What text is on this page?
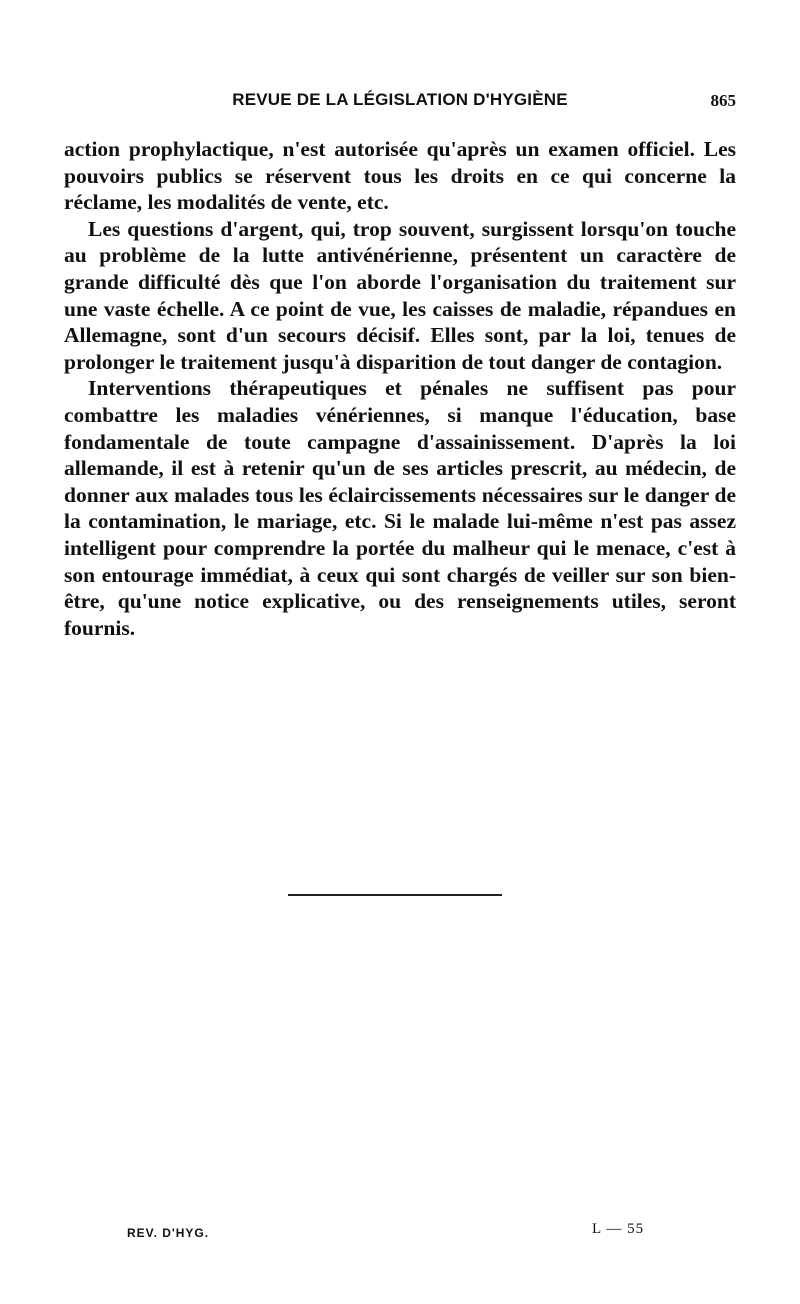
REVUE DE LA LÉGISLATION D'HYGIÈNE	865

action prophylactique, n'est autorisée qu'après un examen officiel. Les pouvoirs publics se réservent tous les droits en ce qui concerne la réclame, les modalités de vente, etc.

Les questions d'argent, qui, trop souvent, surgissent lorsqu'on touche au problème de la lutte antivénérienne, présentent un caractère de grande difficulté dès que l'on aborde l'organisation du traitement sur une vaste échelle. A ce point de vue, les caisses de maladie, répandues en Allemagne, sont d'un secours décisif. Elles sont, par la loi, tenues de prolonger le traitement jusqu'à disparition de tout danger de contagion.

Interventions thérapeutiques et pénales ne suffisent pas pour combattre les maladies vénériennes, si manque l'éducation, base fondamentale de toute campagne d'assainissement. D'après la loi allemande, il est à retenir qu'un de ses articles prescrit, au médecin, de donner aux malades tous les éclaircissements nécessaires sur le danger de la contamination, le mariage, etc. Si le malade lui-même n'est pas assez intelligent pour comprendre la portée du malheur qui le menace, c'est à son entourage immédiat, à ceux qui sont chargés de veiller sur son bien-être, qu'une notice explicative, ou des renseignements utiles, seront fournis.

REV. D'HYG.	L — 55
